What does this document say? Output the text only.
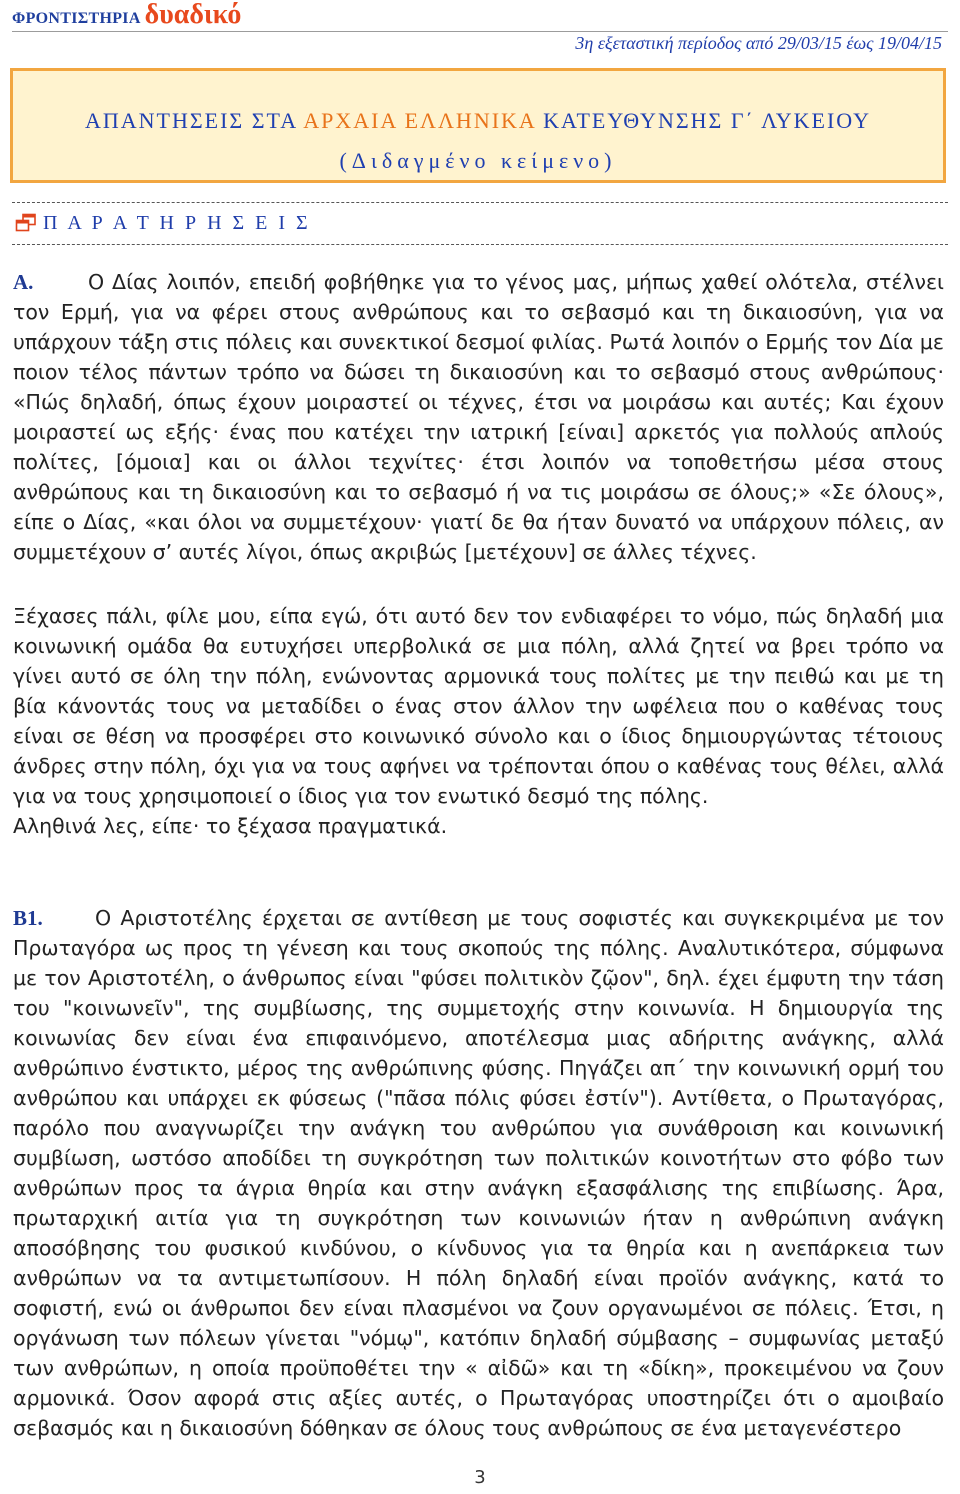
ΦΡΟΝΤΙΣΤΗΡΙΑ δυαδικό
3η εξεταστική περίοδος από 29/03/15 έως 19/04/15
ΑΠΑΝΤΗΣΕΙΣ ΣΤΑ ΑΡΧΑΙΑ ΕΛΛΗΝΙΚΑ ΚΑΤΕΥΘΥΝΣΗΣ Γ΄ ΛΥΚΕΙΟΥ
(Διδαγμένο κείμενο)
Π Α Ρ Α Τ Η Ρ Η Σ Ε Ι Σ

Α.	Ο Δίας λοιπόν, επειδή φοβήθηκε για το γένος μας, μήπως χαθεί ολότελα, στέλνει τον Ερμή, για να φέρει στους ανθρώπους και το σεβασμό και τη δικαιοσύνη, για να υπάρχουν τάξη στις πόλεις και συνεκτικοί δεσμοί φιλίας. Ρωτά λοιπόν ο Ερμής τον Δία με ποιον τέλος πάντων τρόπο να δώσει τη δικαιοσύνη και το σεβασμό στους ανθρώπους· «Πώς δηλαδή, όπως έχουν μοιραστεί οι τέχνες, έτσι να μοιράσω και αυτές; Και έχουν μοιραστεί ως εξής· ένας που κατέχει την ιατρική [είναι] αρκετός για πολλούς απλούς πολίτες, [όμοια] και οι άλλοι τεχνίτες· έτσι λοιπόν να τοποθετήσω μέσα στους ανθρώπους και τη δικαιοσύνη και το σεβασμό ή να τις μοιράσω σε όλους;» «Σε όλους», είπε ο Δίας, «και όλοι να συμμετέχουν· γιατί δε θα ήταν δυνατό να υπάρχουν πόλεις, αν συμμετέχουν σ’ αυτές λίγοι, όπως ακριβώς [μετέχουν] σε άλλες τέχνες.

Ξέχασες πάλι, φίλε μου, είπα εγώ, ότι αυτό δεν τον ενδιαφέρει το νόμο, πώς δηλαδή μια κοινωνική ομάδα θα ευτυχήσει υπερβολικά σε μια πόλη, αλλά ζητεί να βρει τρόπο να γίνει αυτό σε όλη την πόλη, ενώνοντας αρμονικά τους πολίτες με την πειθώ και με τη βία κάνοντάς τους να μεταδίδει ο ένας στον άλλον την ωφέλεια που ο καθένας τους είναι σε θέση να προσφέρει στο κοινωνικό σύνολο και ο ίδιος δημιουργώντας τέτοιους άνδρες στην πόλη, όχι για να τους αφήνει να τρέπονται όπου ο καθένας τους θέλει, αλλά για να τους χρησιμοποιεί ο ίδιος για τον ενωτικό δεσμό της πόλης.

Αληθινά λες, είπε· το ξέχασα πραγματικά.

Β1.	Ο Αριστοτέλης έρχεται σε αντίθεση με τους σοφιστές και συγκεκριμένα με τον Πρωταγόρα ως προς τη γένεση και τους σκοπούς της πόλης. Αναλυτικότερα, σύμφωνα με τον Αριστοτέλη, ο άνθρωπος είναι "φύσει πολιτικὸν ζῷον", δηλ. έχει έμφυτη την τάση του "κοινωνεῖν", της συμβίωσης, της συμμετοχής στην κοινωνία. Η δημιουργία της κοινωνίας δεν είναι ένα επιφαινόμενο, αποτέλεσμα μιας αδήριτης ανάγκης, αλλά ανθρώπινο ένστικτο, μέρος της ανθρώπινης φύσης. Πηγάζει απ΄ την κοινωνική ορμή του ανθρώπου και υπάρχει εκ φύσεως ("πᾶσα πόλις φύσει ἐστίν"). Αντίθετα, ο Πρωταγόρας, παρόλο που αναγνωρίζει την ανάγκη του ανθρώπου για συνάθροιση και κοινωνική συμβίωση, ωστόσο αποδίδει τη συγκρότηση των πολιτικών κοινοτήτων στο φόβο των ανθρώπων προς τα άγρια θηρία και στην ανάγκη εξασφάλισης της επιβίωσης. Άρα, πρωταρχική αιτία για τη συγκρότηση των κοινωνιών ήταν η ανθρώπινη ανάγκη αποσόβησης του φυσικού κινδύνου, ο κίνδυνος για τα θηρία και η ανεπάρκεια των ανθρώπων να τα αντιμετωπίσουν. Η πόλη δηλαδή είναι προϊόν ανάγκης, κατά το σοφιστή, ενώ οι άνθρωποι δεν είναι πλασμένοι να ζουν οργανωμένοι σε πόλεις. Έτσι, η οργάνωση των πόλεων γίνεται "νόμῳ", κατόπιν δηλαδή σύμβασης – συμφωνίας μεταξύ των ανθρώπων, η οποία προϋποθέτει την « αἰδῶ» και τη «δίκη», προκειμένου να ζουν αρμονικά. Όσον αφορά στις αξίες αυτές, ο Πρωταγόρας υποστηρίζει ότι ο αμοιβαίο σεβασμός και η δικαιοσύνη δόθηκαν σε όλους τους ανθρώπους σε ένα μεταγενέστερο

3
